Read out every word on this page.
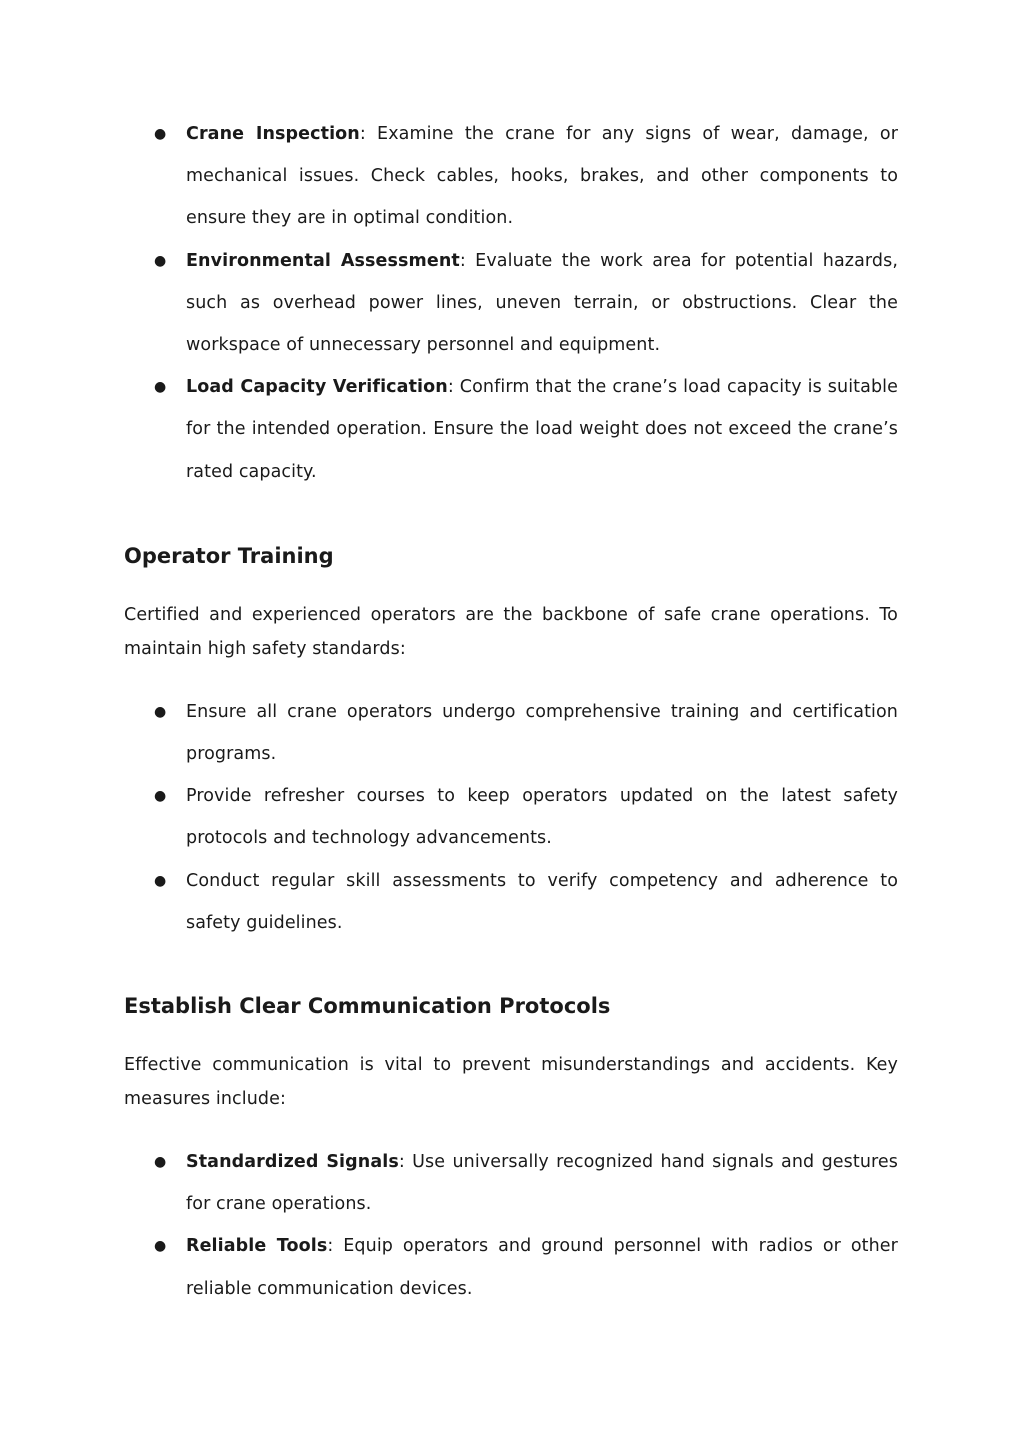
● Crane Inspection: Examine the crane for any signs of wear, damage, or mechanical issues. Check cables, hooks, brakes, and other components to ensure they are in optimal condition.
● Environmental Assessment: Evaluate the work area for potential hazards, such as overhead power lines, uneven terrain, or obstructions. Clear the workspace of unnecessary personnel and equipment.
● Load Capacity Verification: Confirm that the crane’s load capacity is suitable for the intended operation. Ensure the load weight does not exceed the crane’s rated capacity.
Operator Training

Certified and experienced operators are the backbone of safe crane operations. To maintain high safety standards:

● Ensure all crane operators undergo comprehensive training and certification programs.
● Provide refresher courses to keep operators updated on the latest safety protocols and technology advancements.
● Conduct regular skill assessments to verify competency and adherence to safety guidelines.
Establish Clear Communication Protocols

Effective communication is vital to prevent misunderstandings and accidents. Key measures include:

● Standardized Signals: Use universally recognized hand signals and gestures for crane operations.
● Reliable Tools: Equip operators and ground personnel with radios or other reliable communication devices.
